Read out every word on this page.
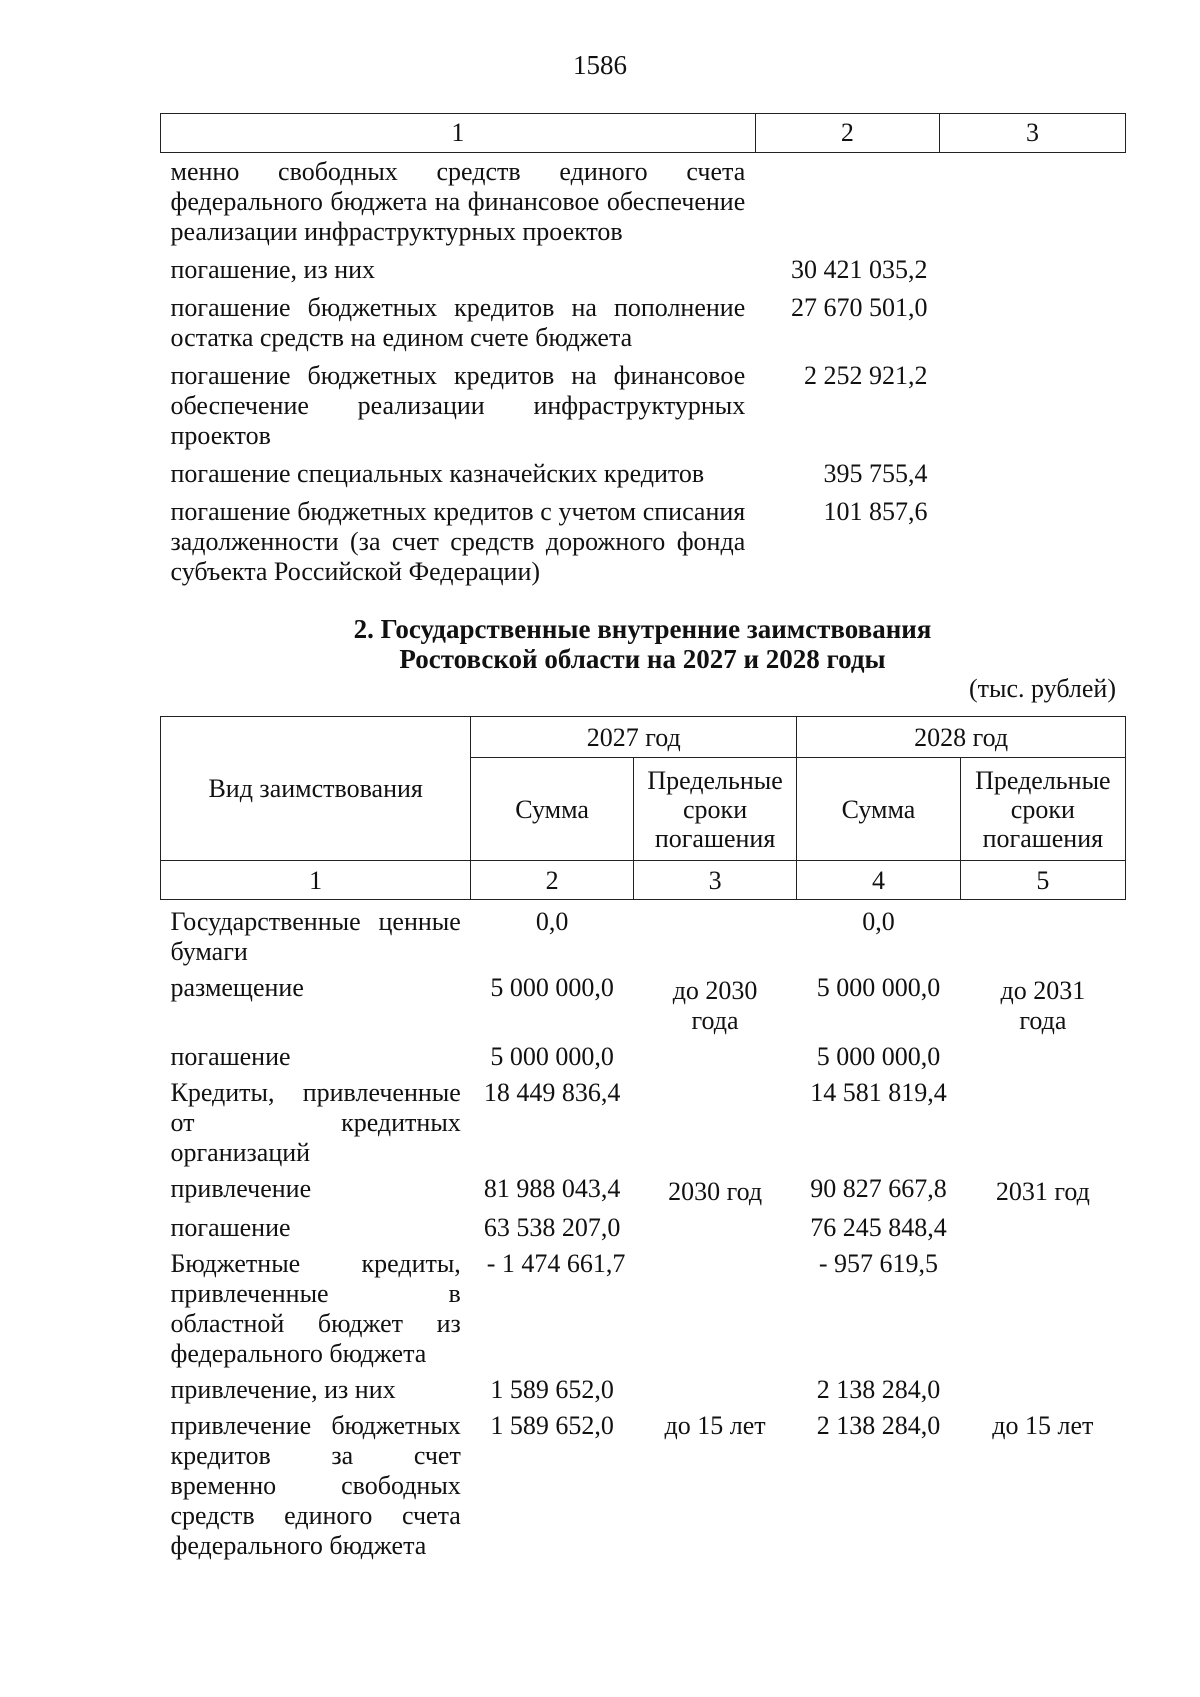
1586
1	2	3
менно свободных средств единого счета федерального бюджета на финансовое обеспечение реализации инфраструктурных проектов		
погашение, из них	30 421 035,2	
погашение бюджетных кредитов на пополнение остатка средств на едином счете бюджета	27 670 501,0	
погашение бюджетных кредитов на финансовое обеспечение реализации инфраструктурных проектов	2 252 921,2	
погашение специальных казначейских кредитов	395 755,4	
погашение бюджетных кредитов с учетом списания задолженности (за счет средств дорожного фонда субъекта Российской Федерации)	101 857,6	
2. Государственные внутренние заимствования
Ростовской области на 2027 и 2028 годы
(тыс. рублей)
Вид заимствования	2027 год		2028 год	
	Сумма	Предельные сроки погашения	Сумма	Предельные сроки погашения
1	2	3	4	5

Государственные ценные бумаги	0,0		0,0	
размещение	5 000 000,0	до 2030 года	5 000 000,0	до 2031 года
погашение	5 000 000,0		5 000 000,0	
Кредиты, привлеченные от кредитных организаций	18 449 836,4		14 581 819,4	
привлечение	81 988 043,4	2030 год	90 827 667,8	2031 год
погашение	63 538 207,0		76 245 848,4	
Бюджетные кредиты, привлеченные в областной бюджет из федерального бюджета	- 1 474 661,7		- 957 619,5	
привлечение, из них	1 589 652,0		2 138 284,0	
привлечение бюджетных кредитов за счет временно свободных средств единого счета федерального бюджета	1 589 652,0	до 15 лет	2 138 284,0	до 15 лет
